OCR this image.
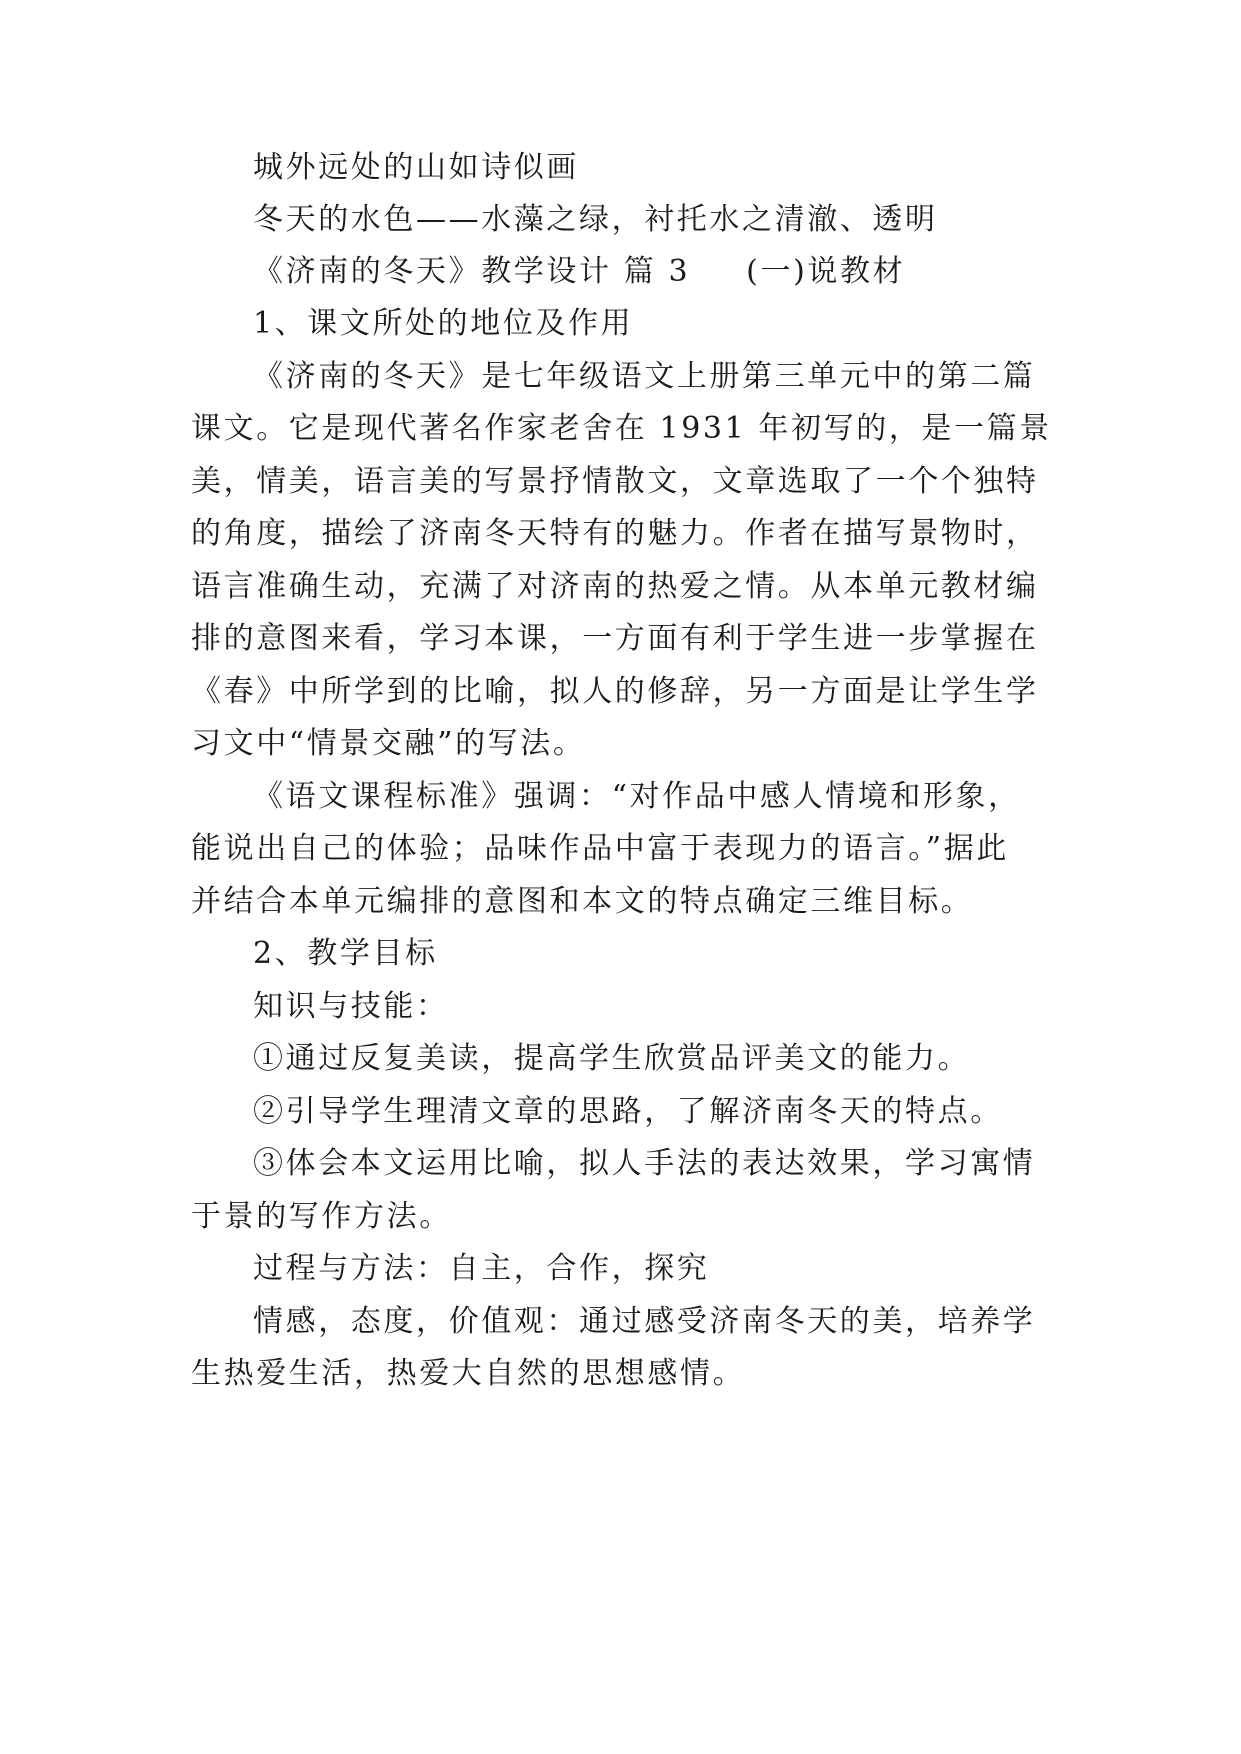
城外远处的山如诗似画
冬天的水色——水藻之绿，衬托水之清澈、透明
《济南的冬天》教学设计 篇 3 (一)说教材
1、课文所处的地位及作用
《济南的冬天》是七年级语文上册第三单元中的第二篇
课文。它是现代著名作家老舍在 1931 年初写的，是一篇景
美，情美，语言美的写景抒情散文，文章选取了一个个独特
的角度，描绘了济南冬天特有的魅力。作者在描写景物时，
语言准确生动，充满了对济南的热爱之情。从本单元教材编
排的意图来看，学习本课，一方面有利于学生进一步掌握在
《春》中所学到的比喻，拟人的修辞，另一方面是让学生学
习文中“情景交融”的写法。
《语文课程标准》强调：“对作品中感人情境和形象，
能说出自己的体验；品味作品中富于表现力的语言。”据此
并结合本单元编排的意图和本文的特点确定三维目标。
2、教学目标
知识与技能：
①通过反复美读，提高学生欣赏品评美文的能力。
②引导学生理清文章的思路，了解济南冬天的特点。
③体会本文运用比喻，拟人手法的表达效果，学习寓情
于景的写作方法。
过程与方法：自主，合作，探究
情感，态度，价值观：通过感受济南冬天的美，培养学
生热爱生活，热爱大自然的思想感情。
